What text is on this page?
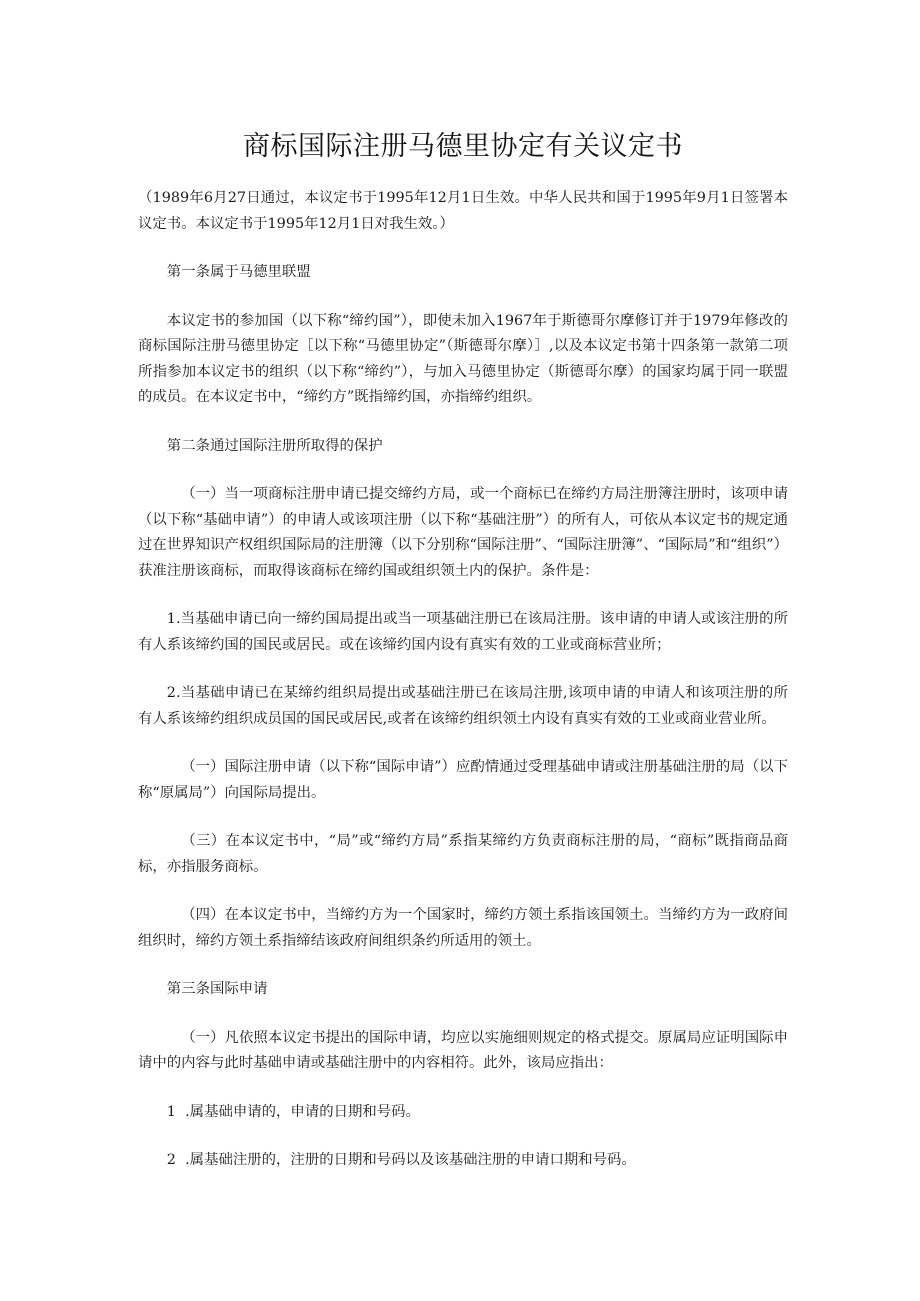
商标国际注册马德里协定有关议定书

（1989年6月27日通过，本议定书于1995年12月1日生效。中华人民共和国于1995年9月1日签署本议定书。本议定书于1995年12月1日对我生效。）

第一条属于马德里联盟

本议定书的参加国（以下称“缔约国”），即使未加入1967年于斯德哥尔摩修订并于1979年修改的商标国际注册马德里协定［以下称“马德里协定”（斯德哥尔摩）］,以及本议定书第十四条第一款第二项所指参加本议定书的组织（以下称“缔约”），与加入马德里协定（斯德哥尔摩）的国家均属于同一联盟的成员。在本议定书中，“缔约方”既指缔约国，亦指缔约组织。

第二条通过国际注册所取得的保护

（一）当一项商标注册申请已提交缔约方局，或一个商标已在缔约方局注册簿注册时，该项申请（以下称“基础申请”）的申请人或该项注册（以下称“基础注册”）的所有人，可依从本议定书的规定通过在世界知识产权组织国际局的注册簿（以下分别称“国际注册”、“国际注册簿”、“国际局”和“组织”）获准注册该商标，而取得该商标在缔约国或组织领土内的保护。条件是：

1.当基础申请已向一缔约国局提出或当一项基础注册已在该局注册。该申请的申请人或该注册的所有人系该缔约国的国民或居民。或在该缔约国内设有真实有效的工业或商标营业所；

2.当基础申请已在某缔约组织局提出或基础注册已在该局注册,该项申请的申请人和该项注册的所有人系该缔约组织成员国的国民或居民,或者在该缔约组织领土内设有真实有效的工业或商业营业所。

（一）国际注册申请（以下称“国际申请”）应酌情通过受理基础申请或注册基础注册的局（以下称“原属局”）向国际局提出。

（三）在本议定书中，“局”或“缔约方局”系指某缔约方负责商标注册的局，“商标”既指商品商标，亦指服务商标。

（四）在本议定书中，当缔约方为一个国家时，缔约方领土系指该国领土。当缔约方为一政府间组织时，缔约方领土系指缔结该政府间组织条约所适用的领土。

第三条国际申请

（一）凡依照本议定书提出的国际申请，均应以实施细则规定的格式提交。原属局应证明国际申请中的内容与此时基础申请或基础注册中的内容相符。此外，该局应指出：

1  .属基础申请的，申请的日期和号码。

2  .属基础注册的，注册的日期和号码以及该基础注册的申请口期和号码。
